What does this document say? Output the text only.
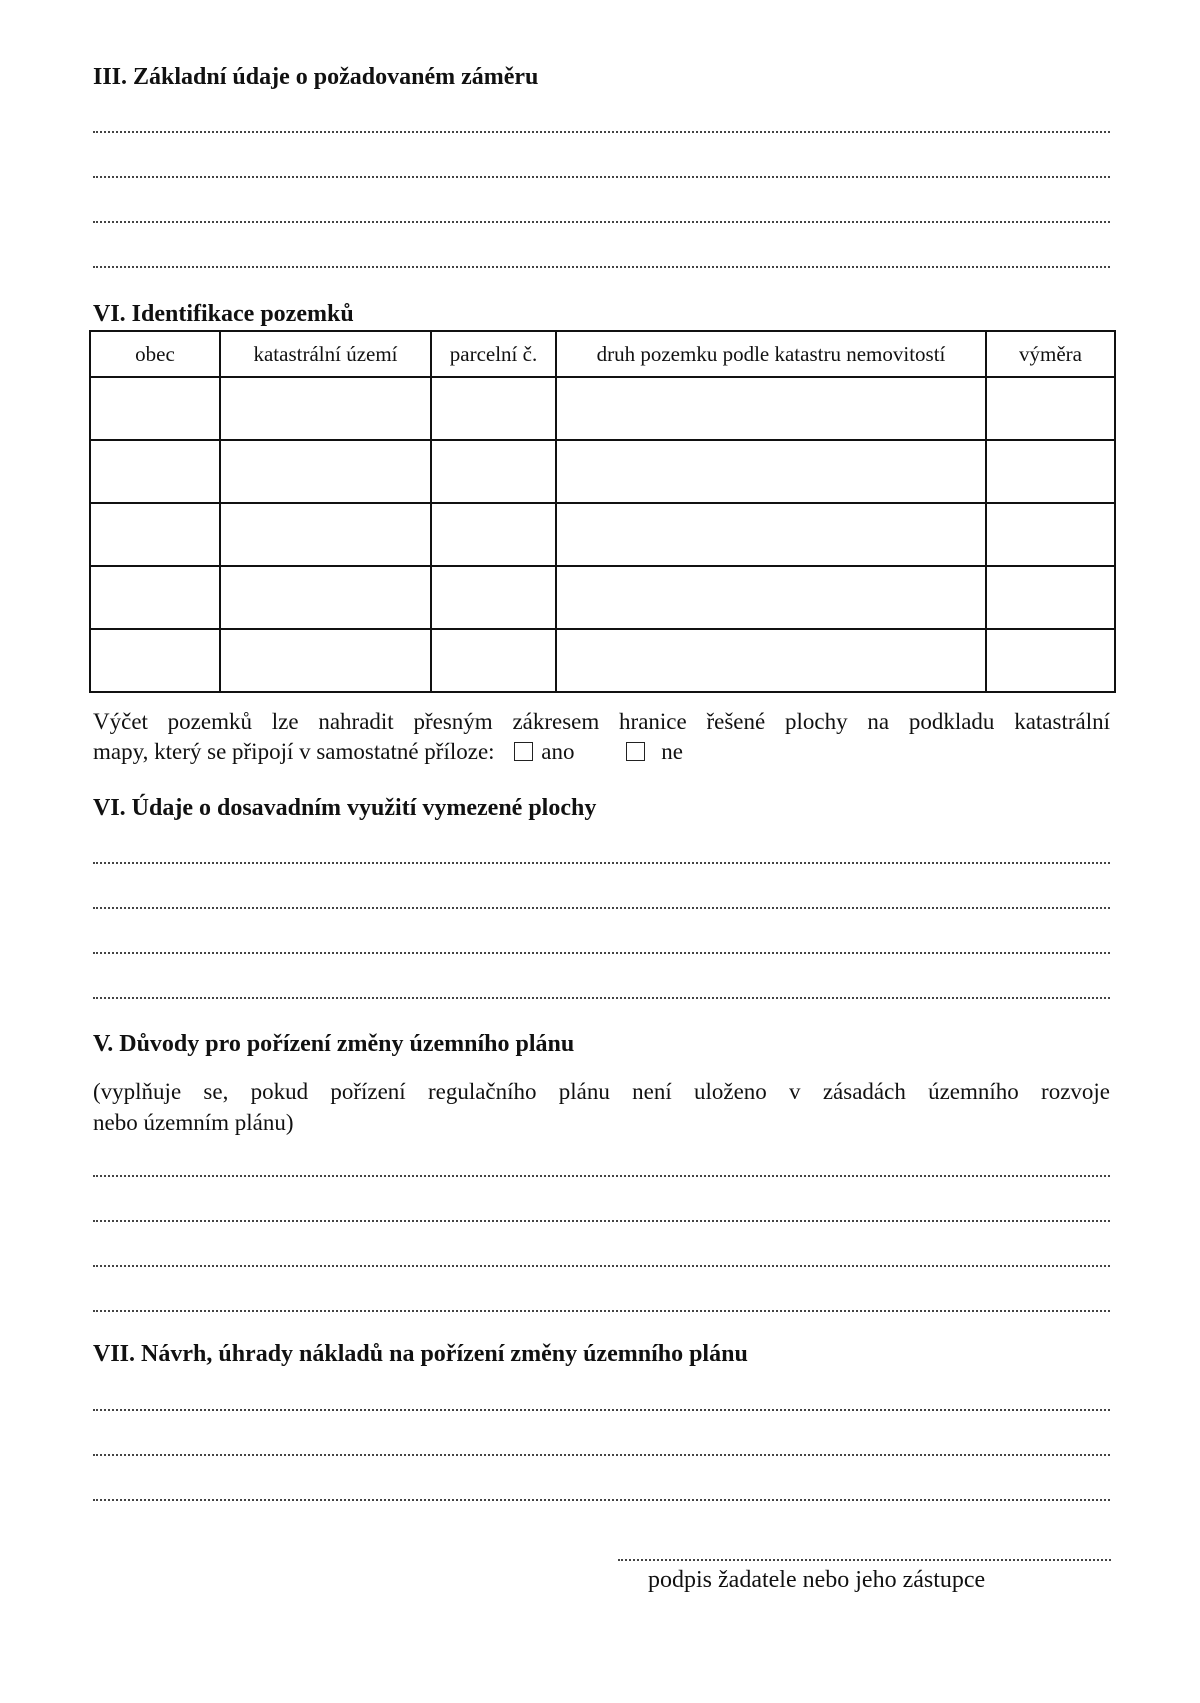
III. Základní údaje o požadovaném záměru
VI. Identifikace pozemků
obec	katastrální území	parcelní č.	druh pozemku podle katastru nemovitostí	výměra

Výčet pozemků lze nahradit přesným zákresem hranice řešené plochy na podkladu katastrální
mapy, který se připojí v samostatné příloze: ano	ne
VI. Údaje o dosavadním využití vymezené plochy
V. Důvody pro pořízení změny územního plánu
(vyplňuje se, pokud pořízení regulačního plánu není uloženo v zásadách územního rozvoje
nebo územním plánu)
VII. Návrh, úhrady nákladů na pořízení změny územního plánu
podpis žadatele nebo jeho zástupce
